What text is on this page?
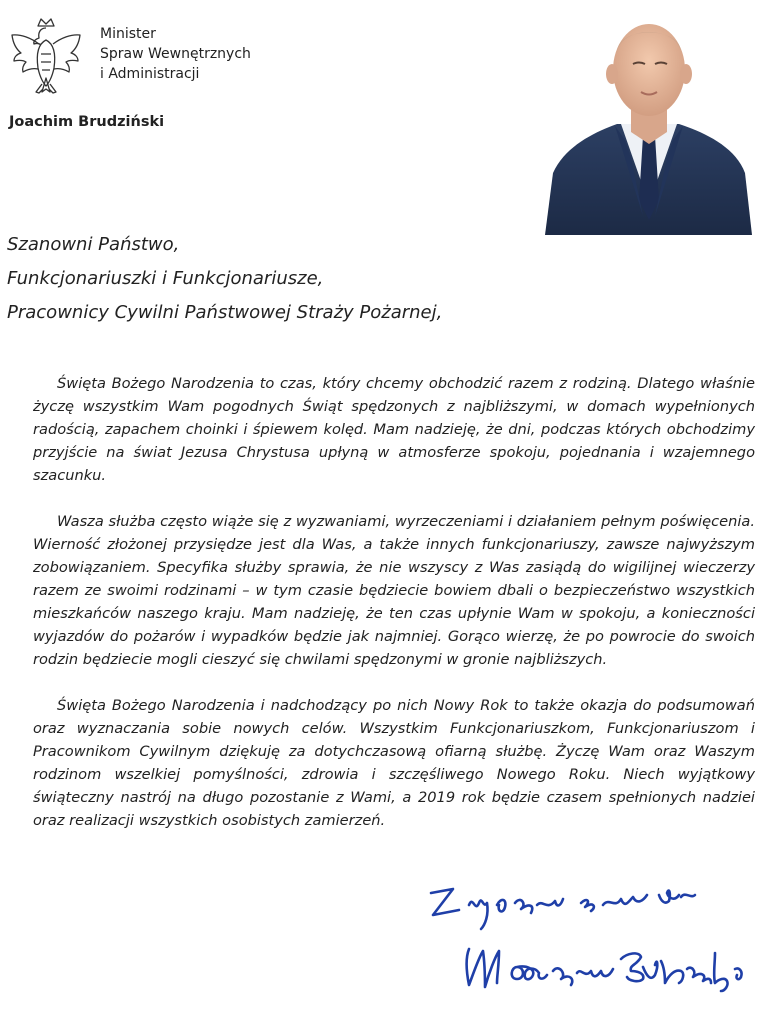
Minister
Spraw Wewnętrznych
i Administracji
Joachim Brudziński
Szanowni Państwo,
Funkcjonariuszki i Funkcjonariusze,
Pracownicy Cywilni Państwowej Straży Pożarnej,

Święta Bożego Narodzenia to czas, który chcemy obchodzić razem z rodziną. Dlatego właśnie życzę wszystkim Wam pogodnych Świąt spędzonych z najbliższymi, w domach wypełnionych radością, zapachem choinki i śpiewem kolęd. Mam nadzieję, że dni, podczas których obchodzimy przyjście na świat Jezusa Chrystusa upłyną w atmosferze spokoju, pojednania i wzajemnego szacunku.

Wasza służba często wiąże się z wyzwaniami, wyrzeczeniami i działaniem pełnym poświęcenia. Wierność złożonej przysiędze jest dla Was, a także innych funkcjonariuszy, zawsze najwyższym zobowiązaniem. Specyfika służby sprawia, że nie wszyscy z Was zasiądą do wigilijnej wieczerzy razem ze swoimi rodzinami – w tym czasie będziecie bowiem dbali o bezpieczeństwo wszystkich mieszkańców naszego kraju. Mam nadzieję, że ten czas upłynie Wam w spokoju, a konieczności wyjazdów do pożarów i wypadków będzie jak najmniej. Gorąco wierzę, że po powrocie do swoich rodzin będziecie mogli cieszyć się chwilami spędzonymi w gronie najbliższych.

Święta Bożego Narodzenia i nadchodzący po nich Nowy Rok to także okazja do podsumowań oraz wyznaczania sobie nowych celów. Wszystkim Funkcjonariuszkom, Funkcjonariuszom i Pracownikom Cywilnym dziękuję za dotychczasową ofiarną służbę. Życzę Wam oraz Waszym rodzinom wszelkiej pomyślności, zdrowia i szczęśliwego Nowego Roku. Niech wyjątkowy świąteczny nastrój na długo pozostanie z Wami, a 2019 rok będzie czasem spełnionych nadziei oraz realizacji wszystkich osobistych zamierzeń.
